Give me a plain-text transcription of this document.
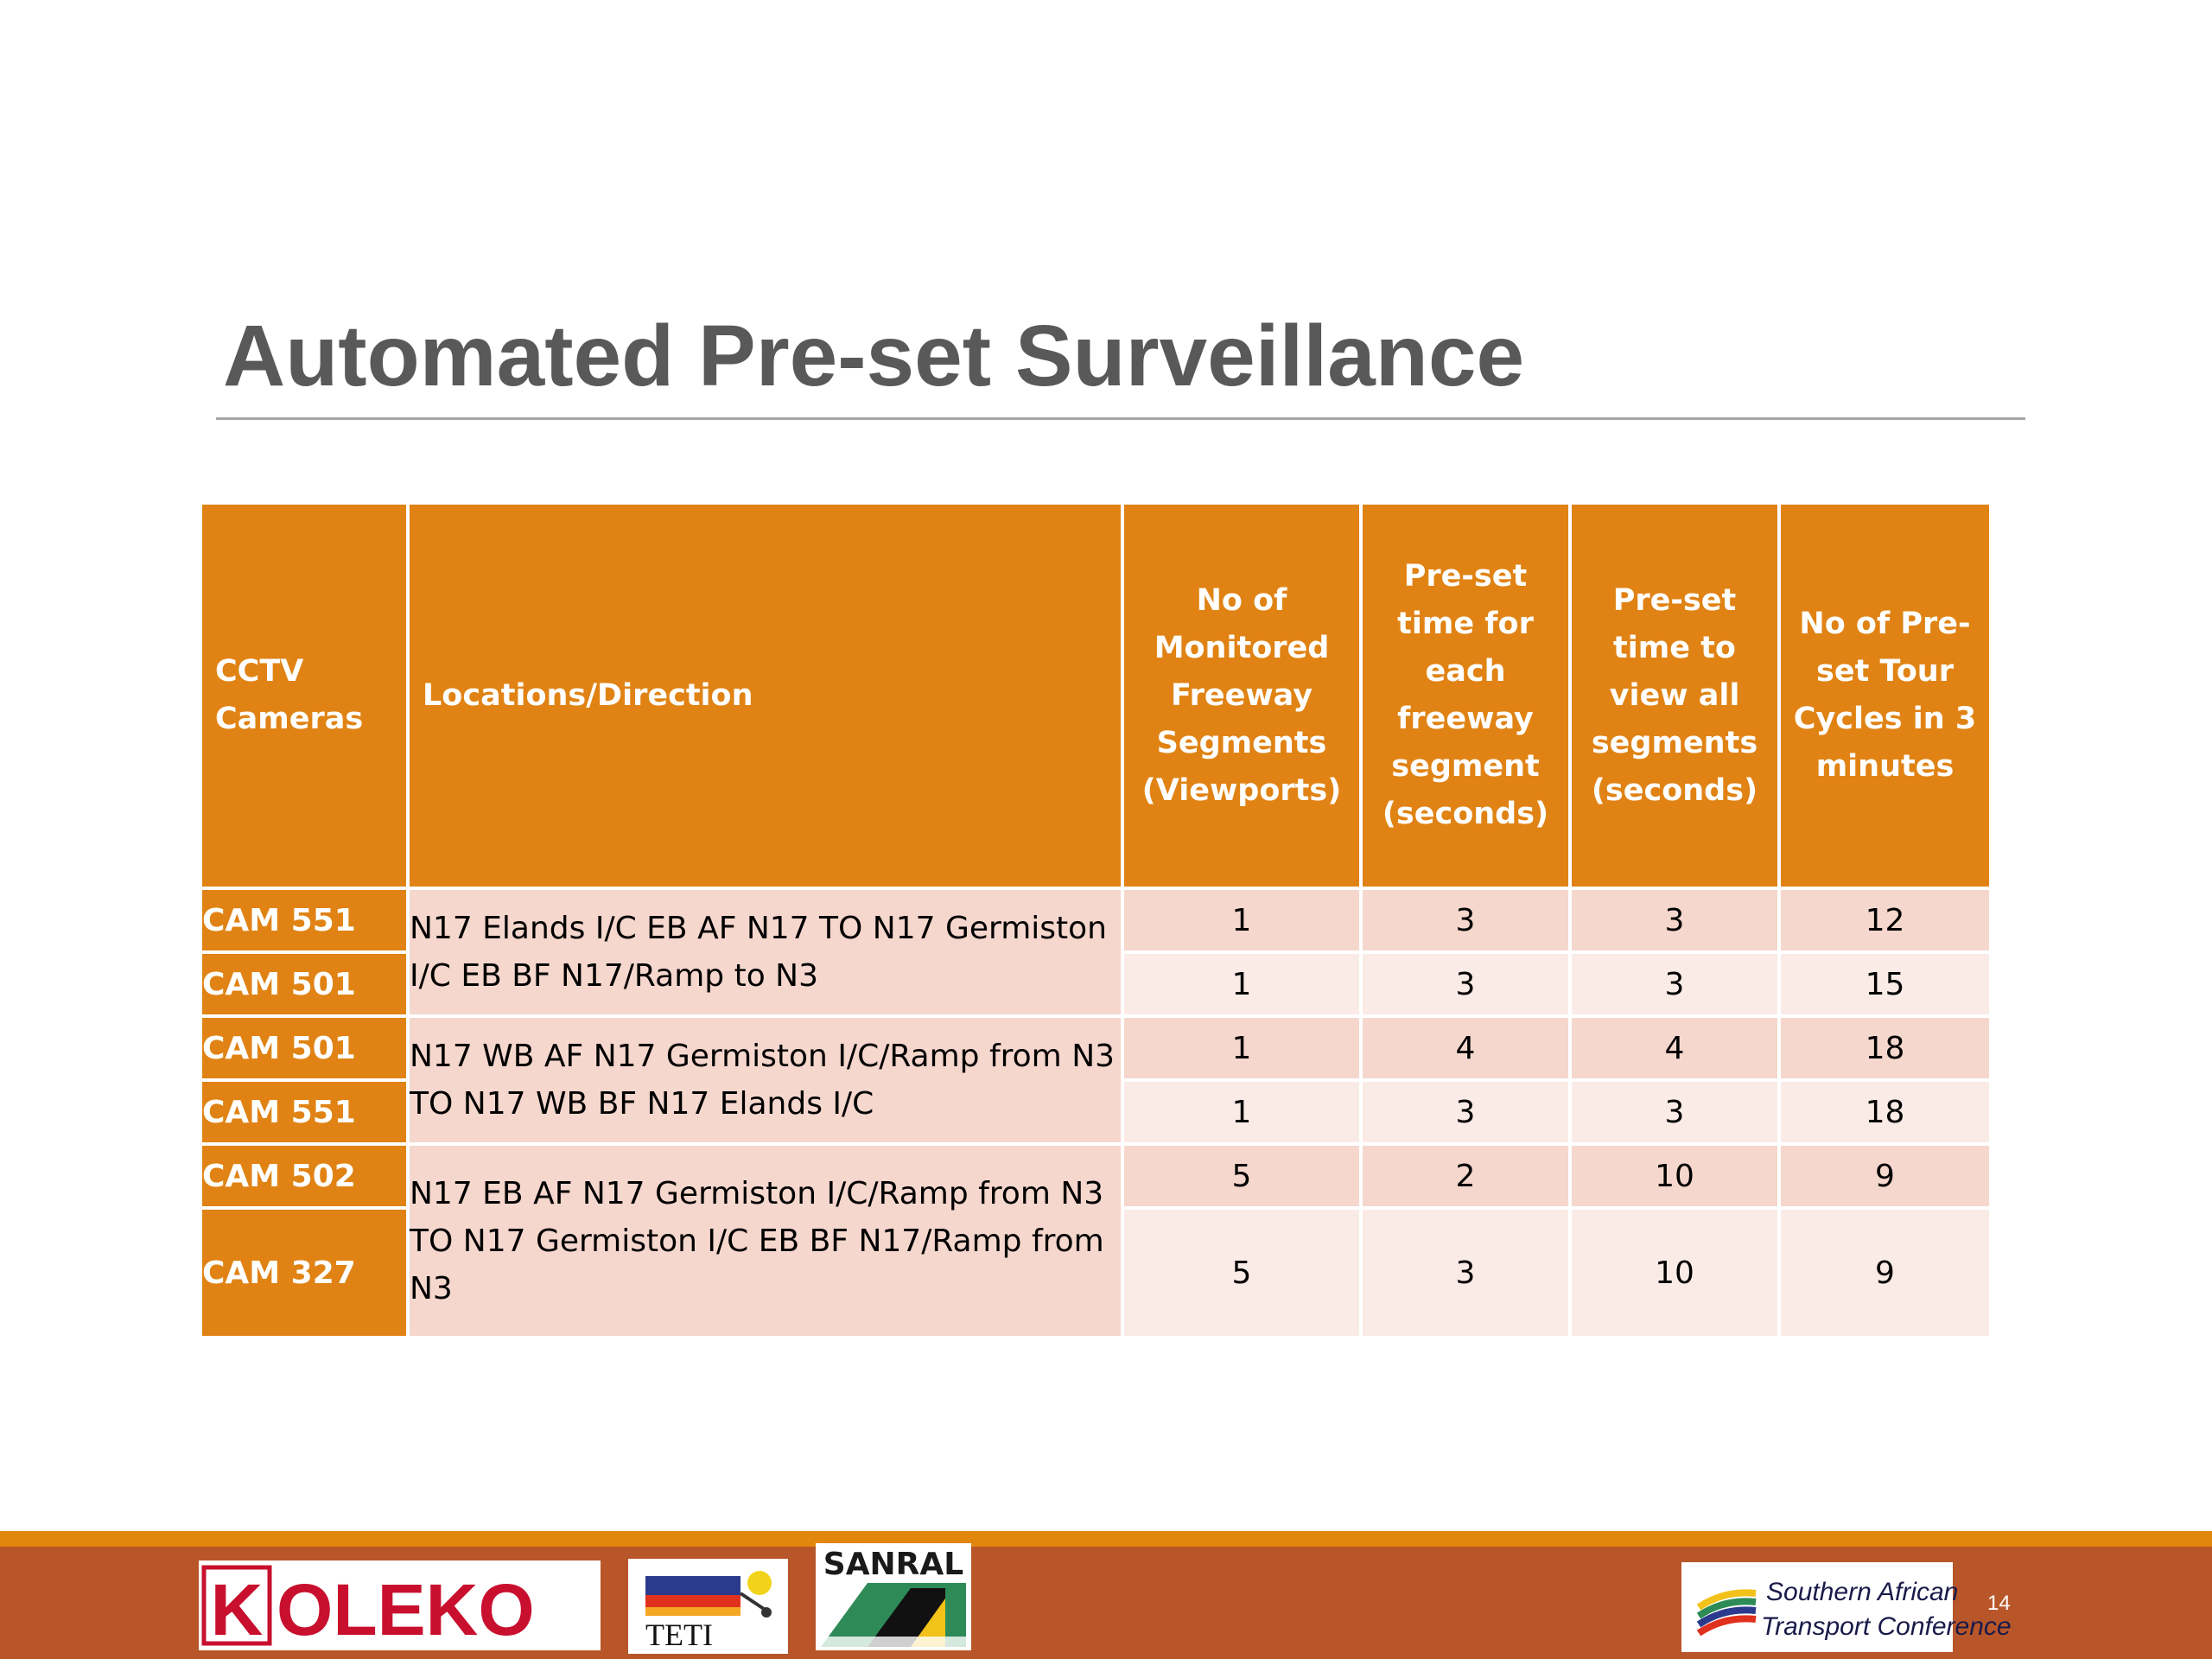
Automated Pre-set Surveillance
CCTV Cameras	Locations/Direction	No of Monitored Freeway Segments (Viewports)	Pre-set time for each freeway segment (seconds)	Pre-set time to view all segments (seconds)	No of Pre-set Tour Cycles in 3 minutes
CAM 551	N17 Elands I/C EB AF N17 TO N17 Germiston I/C EB BF N17/Ramp to N3	1	3	3	12
CAM 501		1	3	3	15
CAM 501	N17 WB AF N17 Germiston I/C/Ramp from N3 TO N17 WB BF N17 Elands I/C	1	4	4	18
CAM 551		1	3	3	18
CAM 502	N17 EB AF N17 Germiston I/C/Ramp from N3 TO N17 Germiston I/C EB BF N17/Ramp from N3	5	2	10	9
CAM 327		5	3	10	9
K OLEKO	TETI
SANRAL
Southern African
Transport Conference
14
